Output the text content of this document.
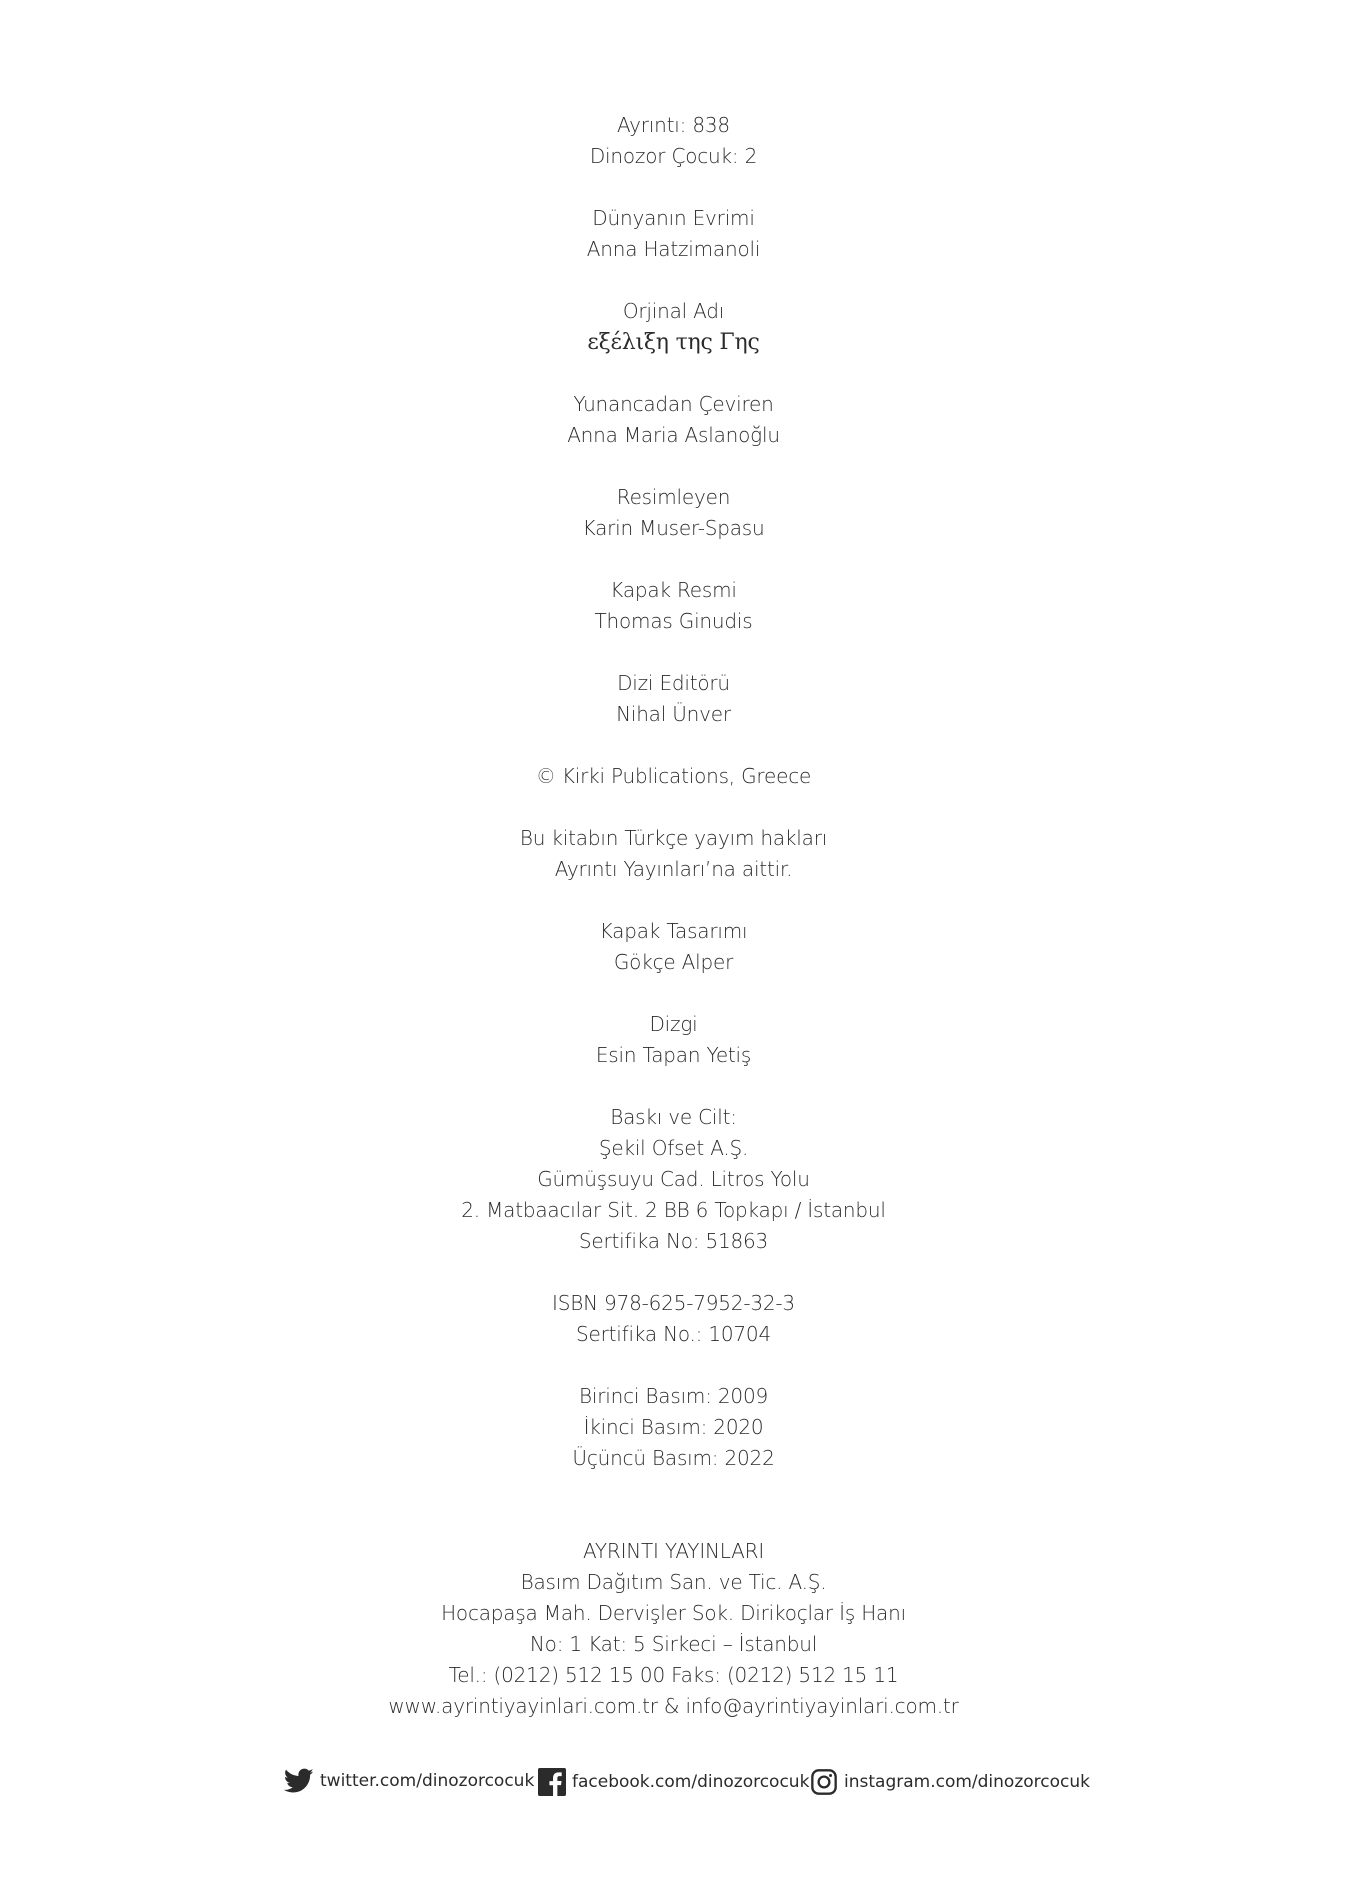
Ayrıntı: 838
Dinozor Çocuk: 2
Dünyanın Evrimi
Anna Hatzimanoli
Orjinal Adı
εξέλιξη της Γης
Yunancadan Çeviren
Anna Maria Aslanoğlu
Resimleyen
Karin Muser-Spasu
Kapak Resmi
Thomas Ginudis
Dizi Editörü
Nihal Ünver
© Kirki Publications, Greece
Bu kitabın Türkçe yayım hakları
Ayrıntı Yayınları’na aittir.
Kapak Tasarımı
Gökçe Alper
Dizgi
Esin Tapan Yetiş
Baskı ve Cilt:
Şekil Ofset A.Ş.
Gümüşsuyu Cad. Litros Yolu
2. Matbaacılar Sit. 2 BB 6 Topkapı / İstanbul
Sertifika No: 51863
ISBN 978-625-7952-32-3
Sertifika No.: 10704
Birinci Basım: 2009
İkinci Basım: 2020
Üçüncü Basım: 2022
AYRINTI YAYINLARI
Basım Dağıtım San. ve Tic. A.Ş.
Hocapaşa Mah. Dervişler Sok. Dirikoçlar İş Hanı
No: 1 Kat: 5 Sirkeci – İstanbul
Tel.: (0212) 512 15 00 Faks: (0212) 512 15 11
www.ayrintiyayinlari.com.tr & info@ayrintiyayinlari.com.tr
twitter.com/dinozorcocuk facebook.com/dinozorcocuk instagram.com/dinozorcocuk
